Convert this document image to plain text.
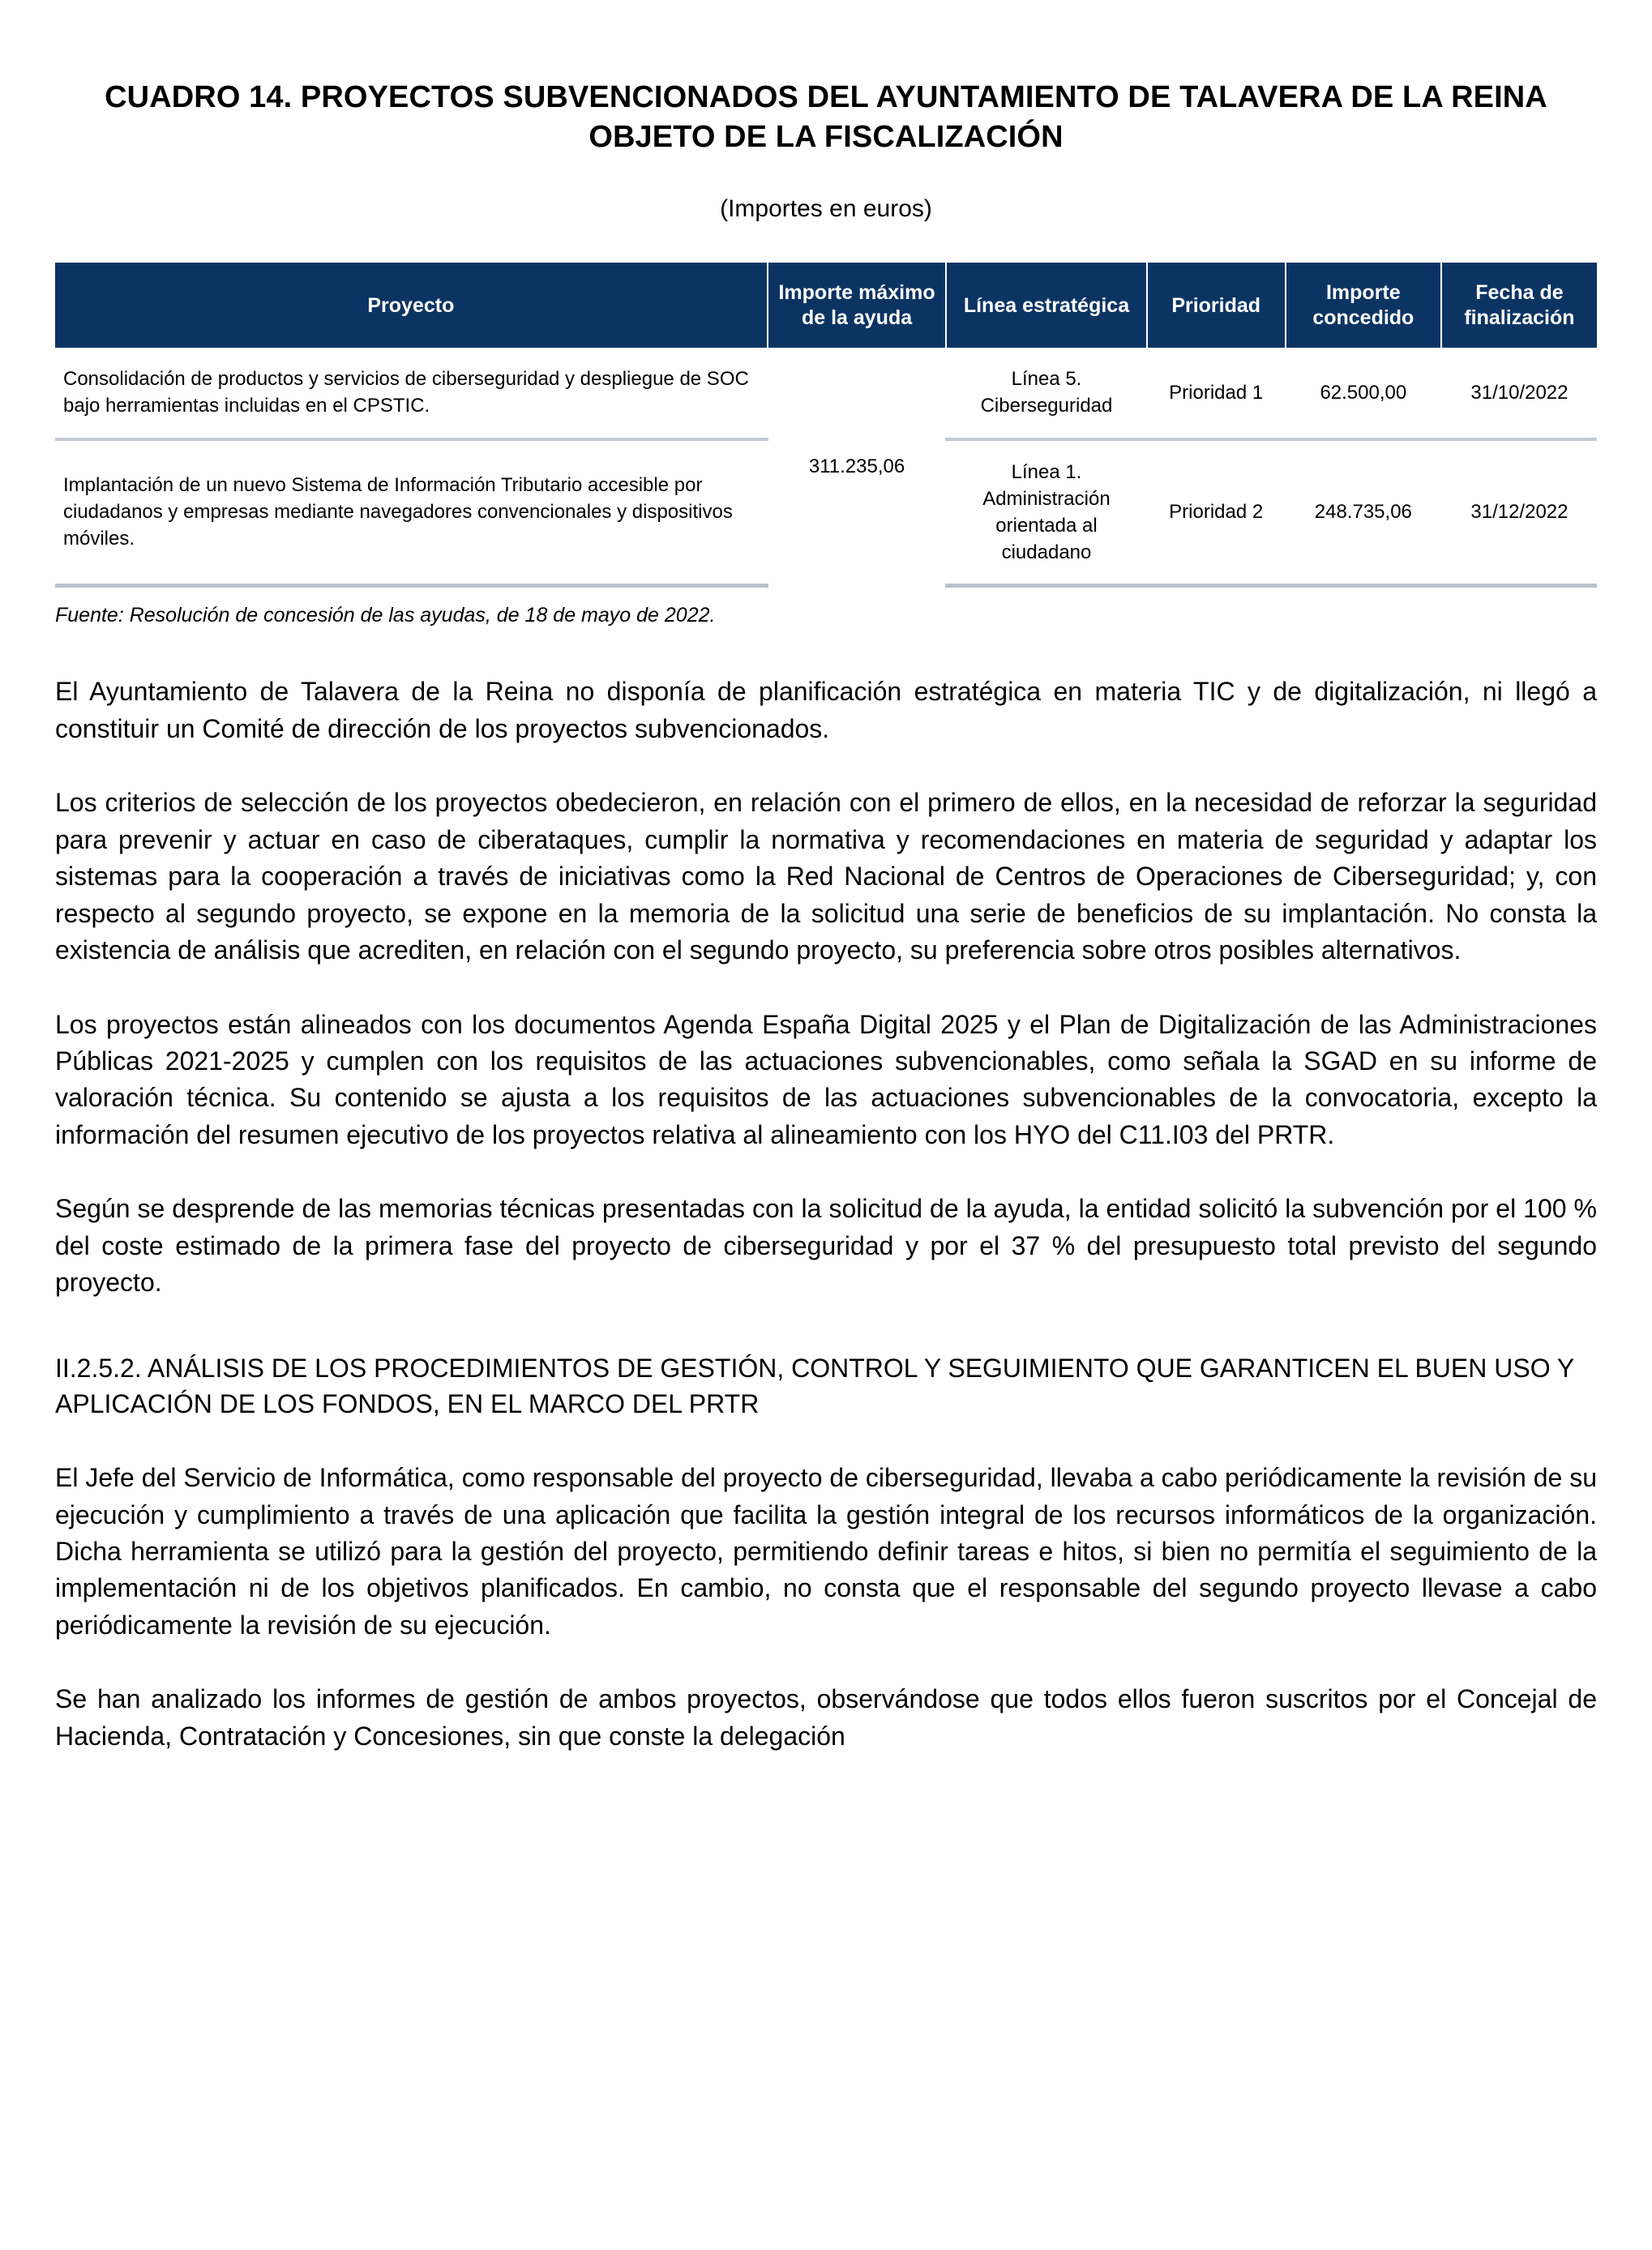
CUADRO 14. PROYECTOS SUBVENCIONADOS DEL AYUNTAMIENTO DE TALAVERA DE LA REINA OBJETO DE LA FISCALIZACIÓN

(Importes en euros)

Proyecto	Importe máximo de la ayuda	Línea estratégica	Prioridad	Importe concedido	Fecha de finalización
Consolidación de productos y servicios de ciberseguridad y despliegue de SOC bajo herramientas incluidas en el CPSTIC.	311.235,06	Línea 5. Ciberseguridad	Prioridad 1	62.500,00	31/10/2022
Implantación de un nuevo Sistema de Información Tributario accesible por ciudadanos y empresas mediante navegadores convencionales y dispositivos móviles.		Línea 1. Administración orientada al ciudadano	Prioridad 2	248.735,06	31/12/2022

Fuente: Resolución de concesión de las ayudas, de 18 de mayo de 2022.

El Ayuntamiento de Talavera de la Reina no disponía de planificación estratégica en materia TIC y de digitalización, ni llegó a constituir un Comité de dirección de los proyectos subvencionados.

Los criterios de selección de los proyectos obedecieron, en relación con el primero de ellos, en la necesidad de reforzar la seguridad para prevenir y actuar en caso de ciberataques, cumplir la normativa y recomendaciones en materia de seguridad y adaptar los sistemas para la cooperación a través de iniciativas como la Red Nacional de Centros de Operaciones de Ciberseguridad; y, con respecto al segundo proyecto, se expone en la memoria de la solicitud una serie de beneficios de su implantación. No consta la existencia de análisis que acrediten, en relación con el segundo proyecto, su preferencia sobre otros posibles alternativos.

Los proyectos están alineados con los documentos Agenda España Digital 2025 y el Plan de Digitalización de las Administraciones Públicas 2021-2025 y cumplen con los requisitos de las actuaciones subvencionables, como señala la SGAD en su informe de valoración técnica. Su contenido se ajusta a los requisitos de las actuaciones subvencionables de la convocatoria, excepto la información del resumen ejecutivo de los proyectos relativa al alineamiento con los HYO del C11.I03 del PRTR.

Según se desprende de las memorias técnicas presentadas con la solicitud de la ayuda, la entidad solicitó la subvención por el 100 % del coste estimado de la primera fase del proyecto de ciberseguridad y por el 37 % del presupuesto total previsto del segundo proyecto.

II.2.5.2. ANÁLISIS DE LOS PROCEDIMIENTOS DE GESTIÓN, CONTROL Y SEGUIMIENTO QUE GARANTICEN EL BUEN USO Y APLICACIÓN DE LOS FONDOS, EN EL MARCO DEL PRTR

El Jefe del Servicio de Informática, como responsable del proyecto de ciberseguridad, llevaba a cabo periódicamente la revisión de su ejecución y cumplimiento a través de una aplicación que facilita la gestión integral de los recursos informáticos de la organización. Dicha herramienta se utilizó para la gestión del proyecto, permitiendo definir tareas e hitos, si bien no permitía el seguimiento de la implementación ni de los objetivos planificados. En cambio, no consta que el responsable del segundo proyecto llevase a cabo periódicamente la revisión de su ejecución.

Se han analizado los informes de gestión de ambos proyectos, observándose que todos ellos fueron suscritos por el Concejal de Hacienda, Contratación y Concesiones, sin que conste la delegación
